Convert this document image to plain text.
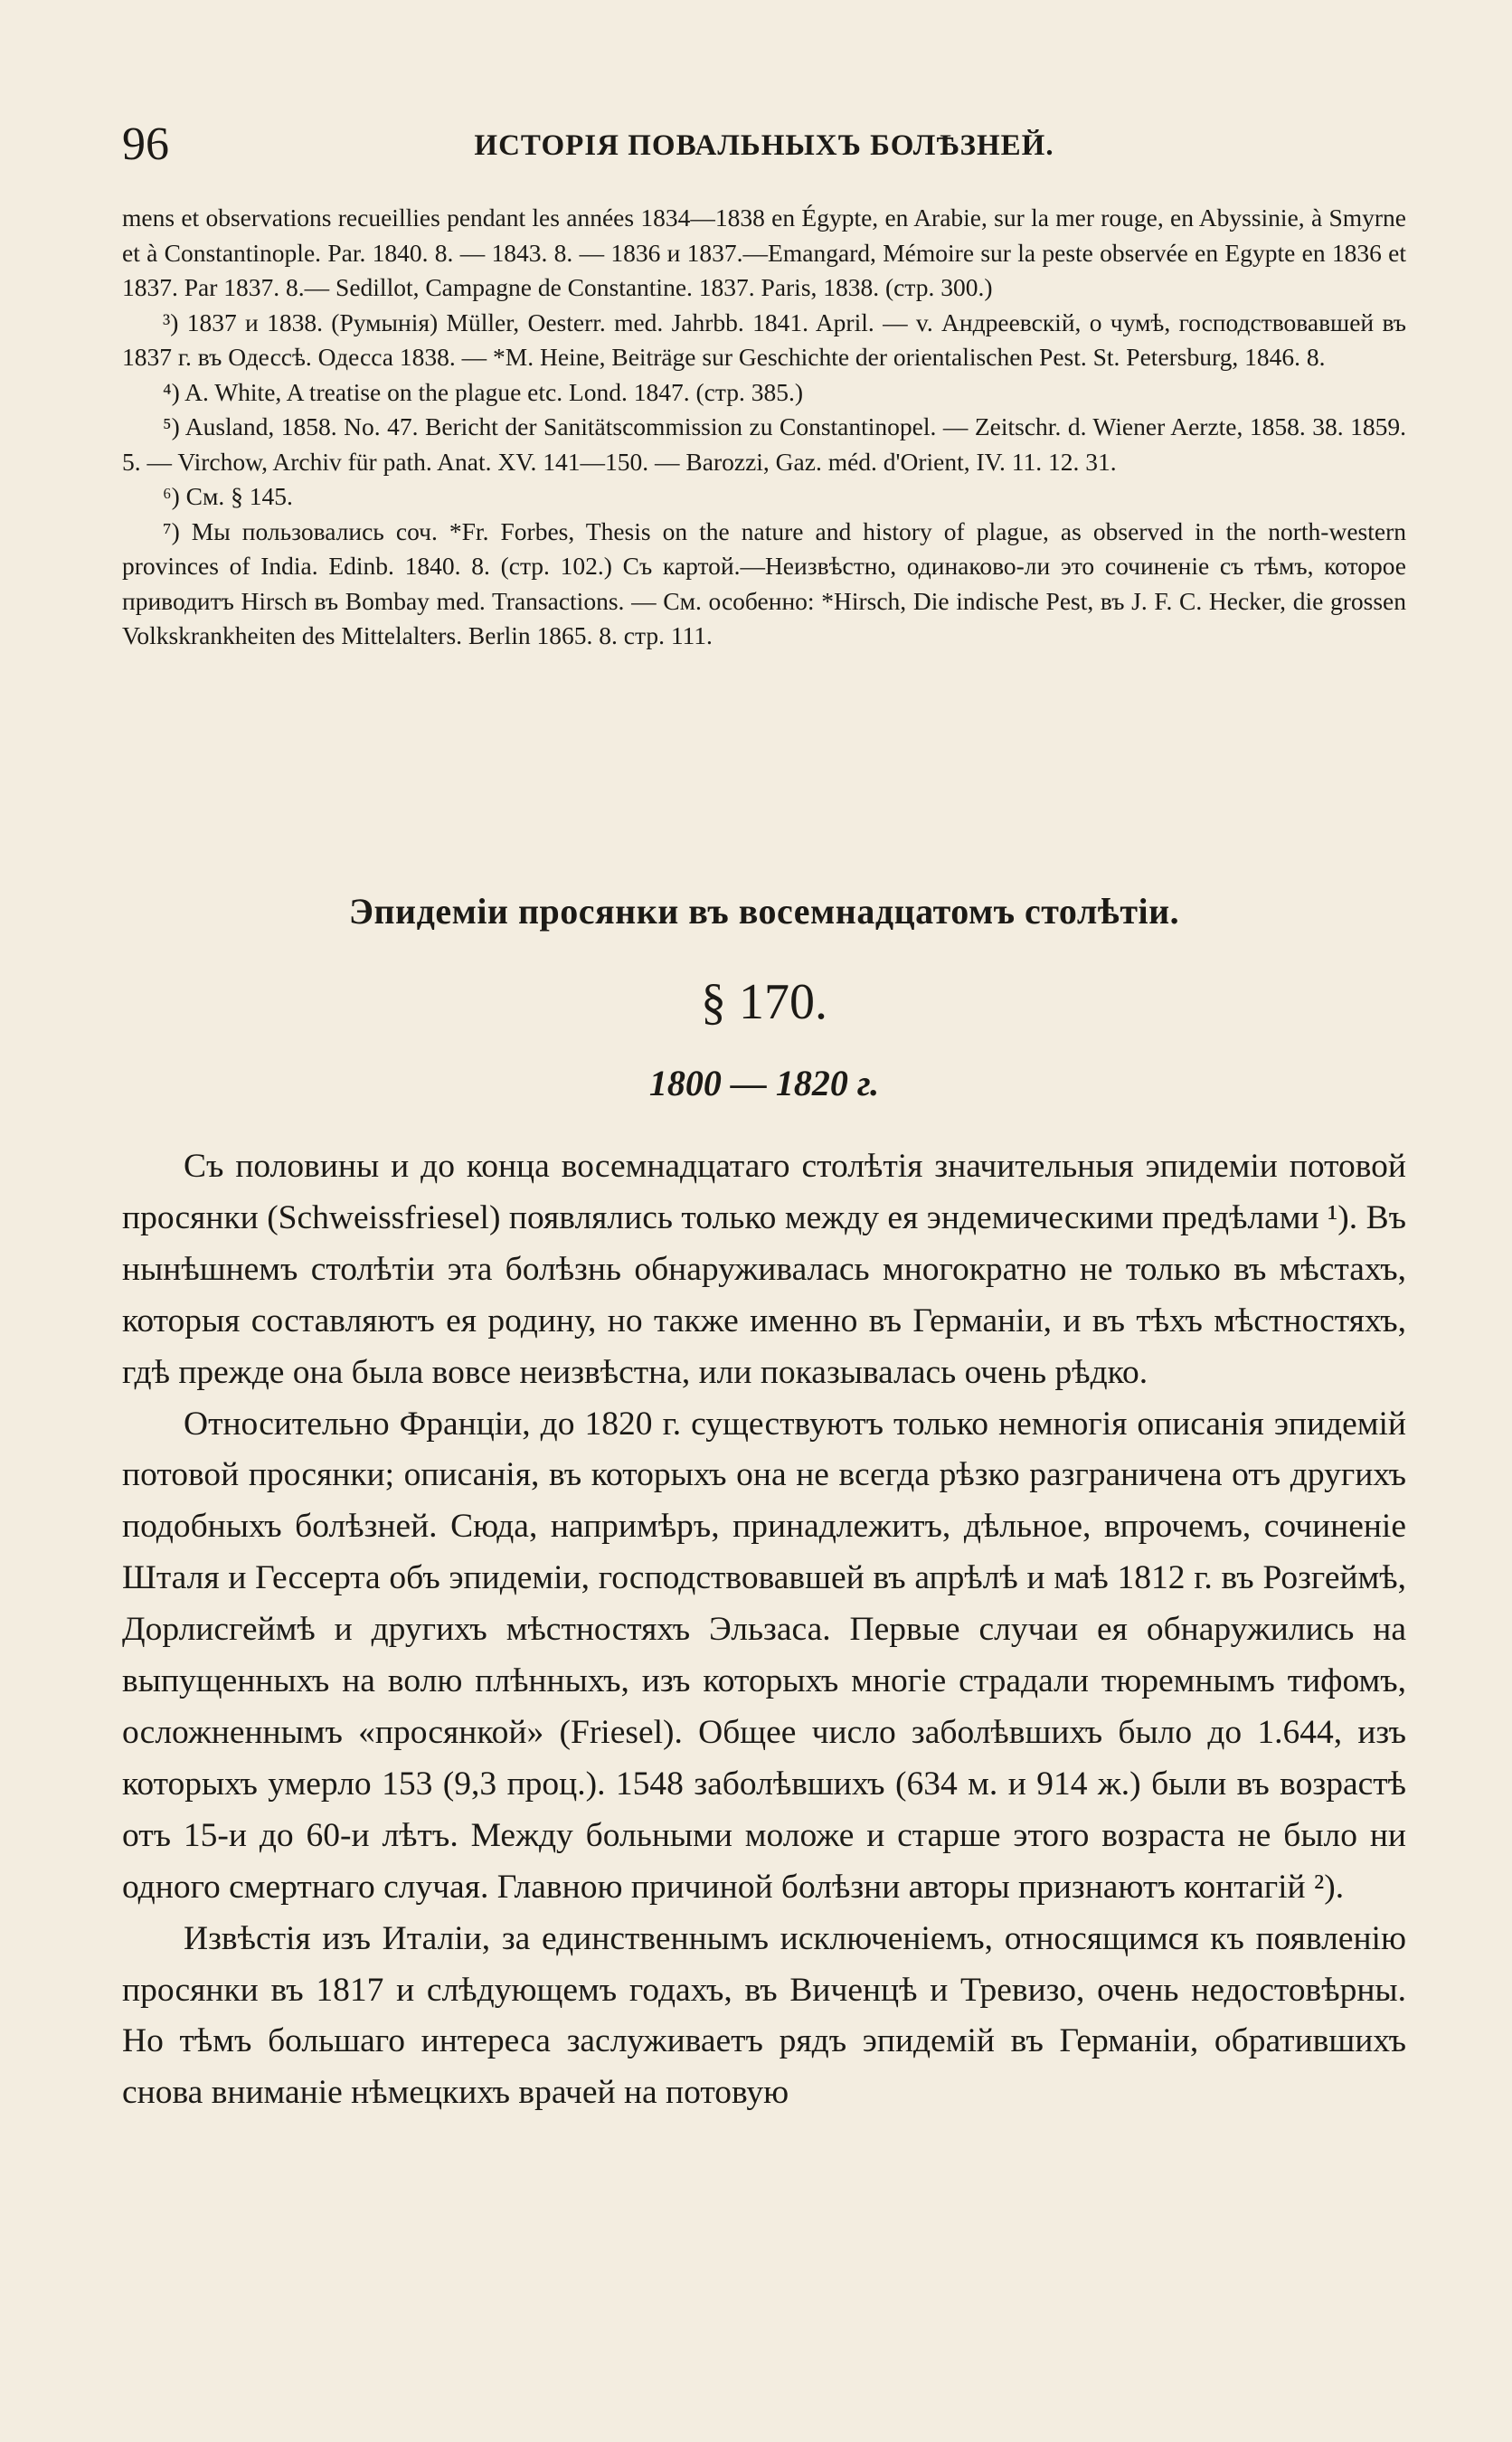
96	ИСТОРІЯ ПОВАЛЬНЫХЪ БОЛѢЗНЕЙ.

mens et observations recueillies pendant les années 1834—1838 en Égypte, en Arabie, sur la mer rouge, en Abyssinie, à Smyrne et à Constantinople. Par. 1840. 8. — 1843. 8. — 1836 и 1837.—Emangard, Mémoire sur la peste observée en Egypte en 1836 et 1837. Par 1837. 8.— Sedillot, Campagne de Constantine. 1837. Paris, 1838. (стр. 300.)

³) 1837 и 1838. (Румынія) Müller, Oesterr. med. Jahrbb. 1841. April. — v. Андреевскій, о чумѣ, господствовавшей въ 1837 г. въ Одессѣ. Одесса 1838. — *M. Heine, Beiträge sur Geschichte der orientalischen Pest. St. Petersburg, 1846. 8.

⁴) A. White, A treatise on the plague etc. Lond. 1847. (стр. 385.)

⁵) Ausland, 1858. No. 47. Bericht der Sanitätscommission zu Constantinopel. — Zeitschr. d. Wiener Aerzte, 1858. 38. 1859. 5. — Virchow, Archiv für path. Anat. XV. 141—150. — Barozzi, Gaz. méd. d'Orient, IV. 11. 12. 31.

⁶) См. § 145.

⁷) Мы пользовались соч. *Fr. Forbes, Thesis on the nature and history of plague, as observed in the north-western provinces of India. Edinb. 1840. 8. (стр. 102.) Съ картой.—Неизвѣстно, одинаково-ли это сочиненіе съ тѣмъ, которое приводитъ Hirsch въ Bombay med. Transactions. — См. особенно: *Hirsch, Die indische Pest, въ J. F. C. Hecker, die grossen Volkskrankheiten des Mittelalters. Berlin 1865. 8. стр. 111.

Эпидеміи просянки въ восемнадцатомъ столѣтіи.
§ 170.
1800 — 1820 г.

Съ половины и до конца восемнадцатаго столѣтія значительныя эпидеміи потовой просянки (Schweissfriesel) появлялись только между ея эндемическими предѣлами ¹). Въ нынѣшнемъ столѣтіи эта болѣзнь обнаруживалась многократно не только въ мѣстахъ, которыя составляютъ ея родину, но также именно въ Германіи, и въ тѣхъ мѣстностяхъ, гдѣ прежде она была вовсе неизвѣстна, или показывалась очень рѣдко.

Относительно Франціи, до 1820 г. существуютъ только немногія описанія эпидемій потовой просянки; описанія, въ которыхъ она не всегда рѣзко разграничена отъ другихъ подобныхъ болѣзней. Сюда, напримѣръ, принадлежитъ, дѣльное, впрочемъ, сочиненіе Шталя и Гессерта объ эпидеміи, господствовавшей въ апрѣлѣ и маѣ 1812 г. въ Розгеймѣ, Дорлисгеймѣ и другихъ мѣстностяхъ Эльзаса. Первые случаи ея обнаружились на выпущенныхъ на волю плѣнныхъ, изъ которыхъ многіе страдали тюремнымъ тифомъ, осложненнымъ «просянкой» (Friesel). Общее число заболѣвшихъ было до 1.644, изъ которыхъ умерло 153 (9,3 проц.). 1548 заболѣвшихъ (634 м. и 914 ж.) были въ возрастѣ отъ 15-и до 60-и лѣтъ. Между больными моложе и старше этого возраста не было ни одного смертнаго случая. Главною причиной болѣзни авторы признаютъ контагій ²).

Извѣстія изъ Италіи, за единственнымъ исключеніемъ, относящимся къ появленію просянки въ 1817 и слѣдующемъ годахъ, въ Виченцѣ и Тревизо, очень недостовѣрны. Но тѣмъ большаго интереса заслуживаетъ рядъ эпидемій въ Германіи, обратившихъ снова вниманіе нѣмецкихъ врачей на потовую
